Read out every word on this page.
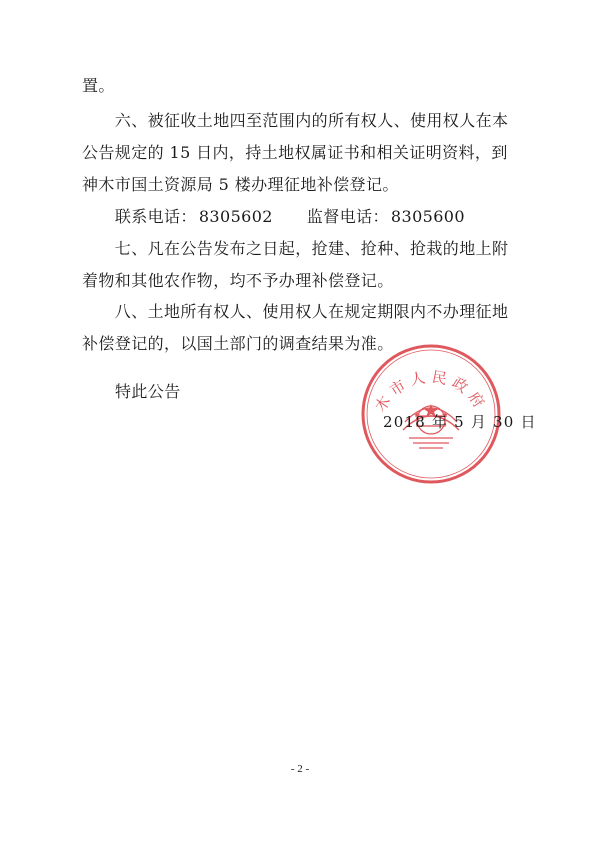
置。
　　六、被征收土地四至范围内的所有权人、使用权人在本
公告规定的 15 日内，持土地权属证书和相关证明资料，到
神木市国土资源局 5 楼办理征地补偿登记。
　　联系电话： 8305602 监督电话： 8305600
　　七、凡在公告发布之日起，抢建、抢种、抢栽的地上附
着物和其他农作物，均不予办理补偿登记。
　　八、土地所有权人、使用权人在规定期限内不办理征地
补偿登记的，以国土部门的调查结果为准。
特此公告	木市人民政府
2018 年 5 月 30 日
- 2 -
